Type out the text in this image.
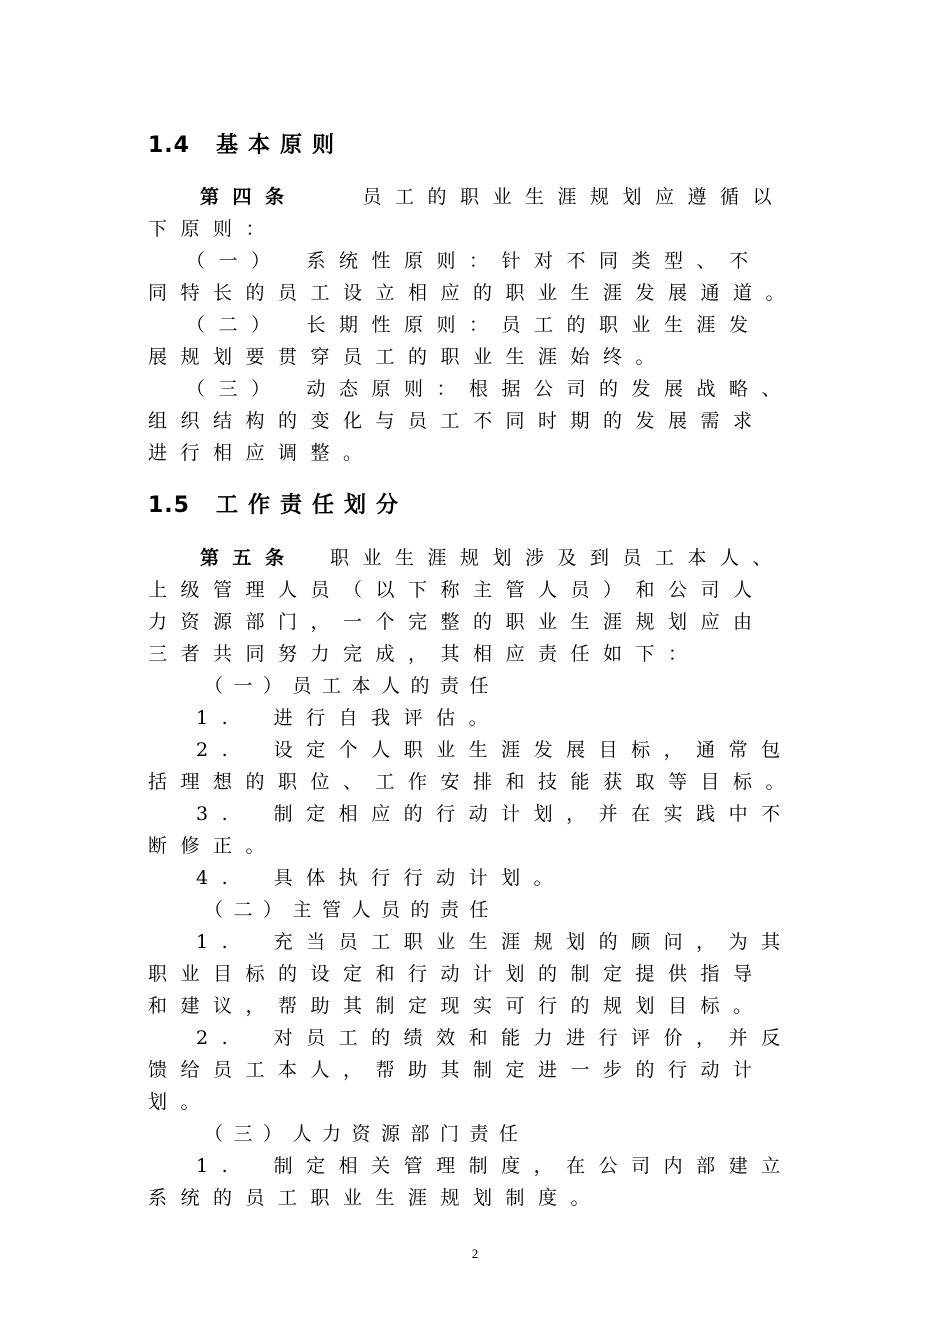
1.4 基本原则
第四条　　	员工的职业生涯规划应遵循以
下原则：
（一）　系统性原则：针对不同类型、不
同特长的员工设立相应的职业生涯发展通道。
（二）　长期性原则：员工的职业生涯发
展规划要贯穿员工的职业生涯始终。
（三）　动态原则：根据公司的发展战略、
组织结构的变化与员工不同时期的发展需求
进行相应调整。
1.5 工作责任划分
第五条　 职业生涯规划涉及到员工本人、
上级管理人员（以下称主管人员）和公司人
力资源部门，一个完整的职业生涯规划应由
三者共同努力完成，其相应责任如下：
（一）员工本人的责任
1.　进行自我评估。
2.　设定个人职业生涯发展目标，通常包
括理想的职位、工作安排和技能获取等目标。
3.　制定相应的行动计划，并在实践中不
断修正。
4.　具体执行行动计划。
（二）主管人员的责任
1.　充当员工职业生涯规划的顾问，为其
职业目标的设定和行动计划的制定提供指导
和建议，帮助其制定现实可行的规划目标。
2.　对员工的绩效和能力进行评价，并反
馈给员工本人，帮助其制定进一步的行动计
划。
（三）人力资源部门责任
1.　制定相关管理制度，在公司内部建立
系统的员工职业生涯规划制度。
2
